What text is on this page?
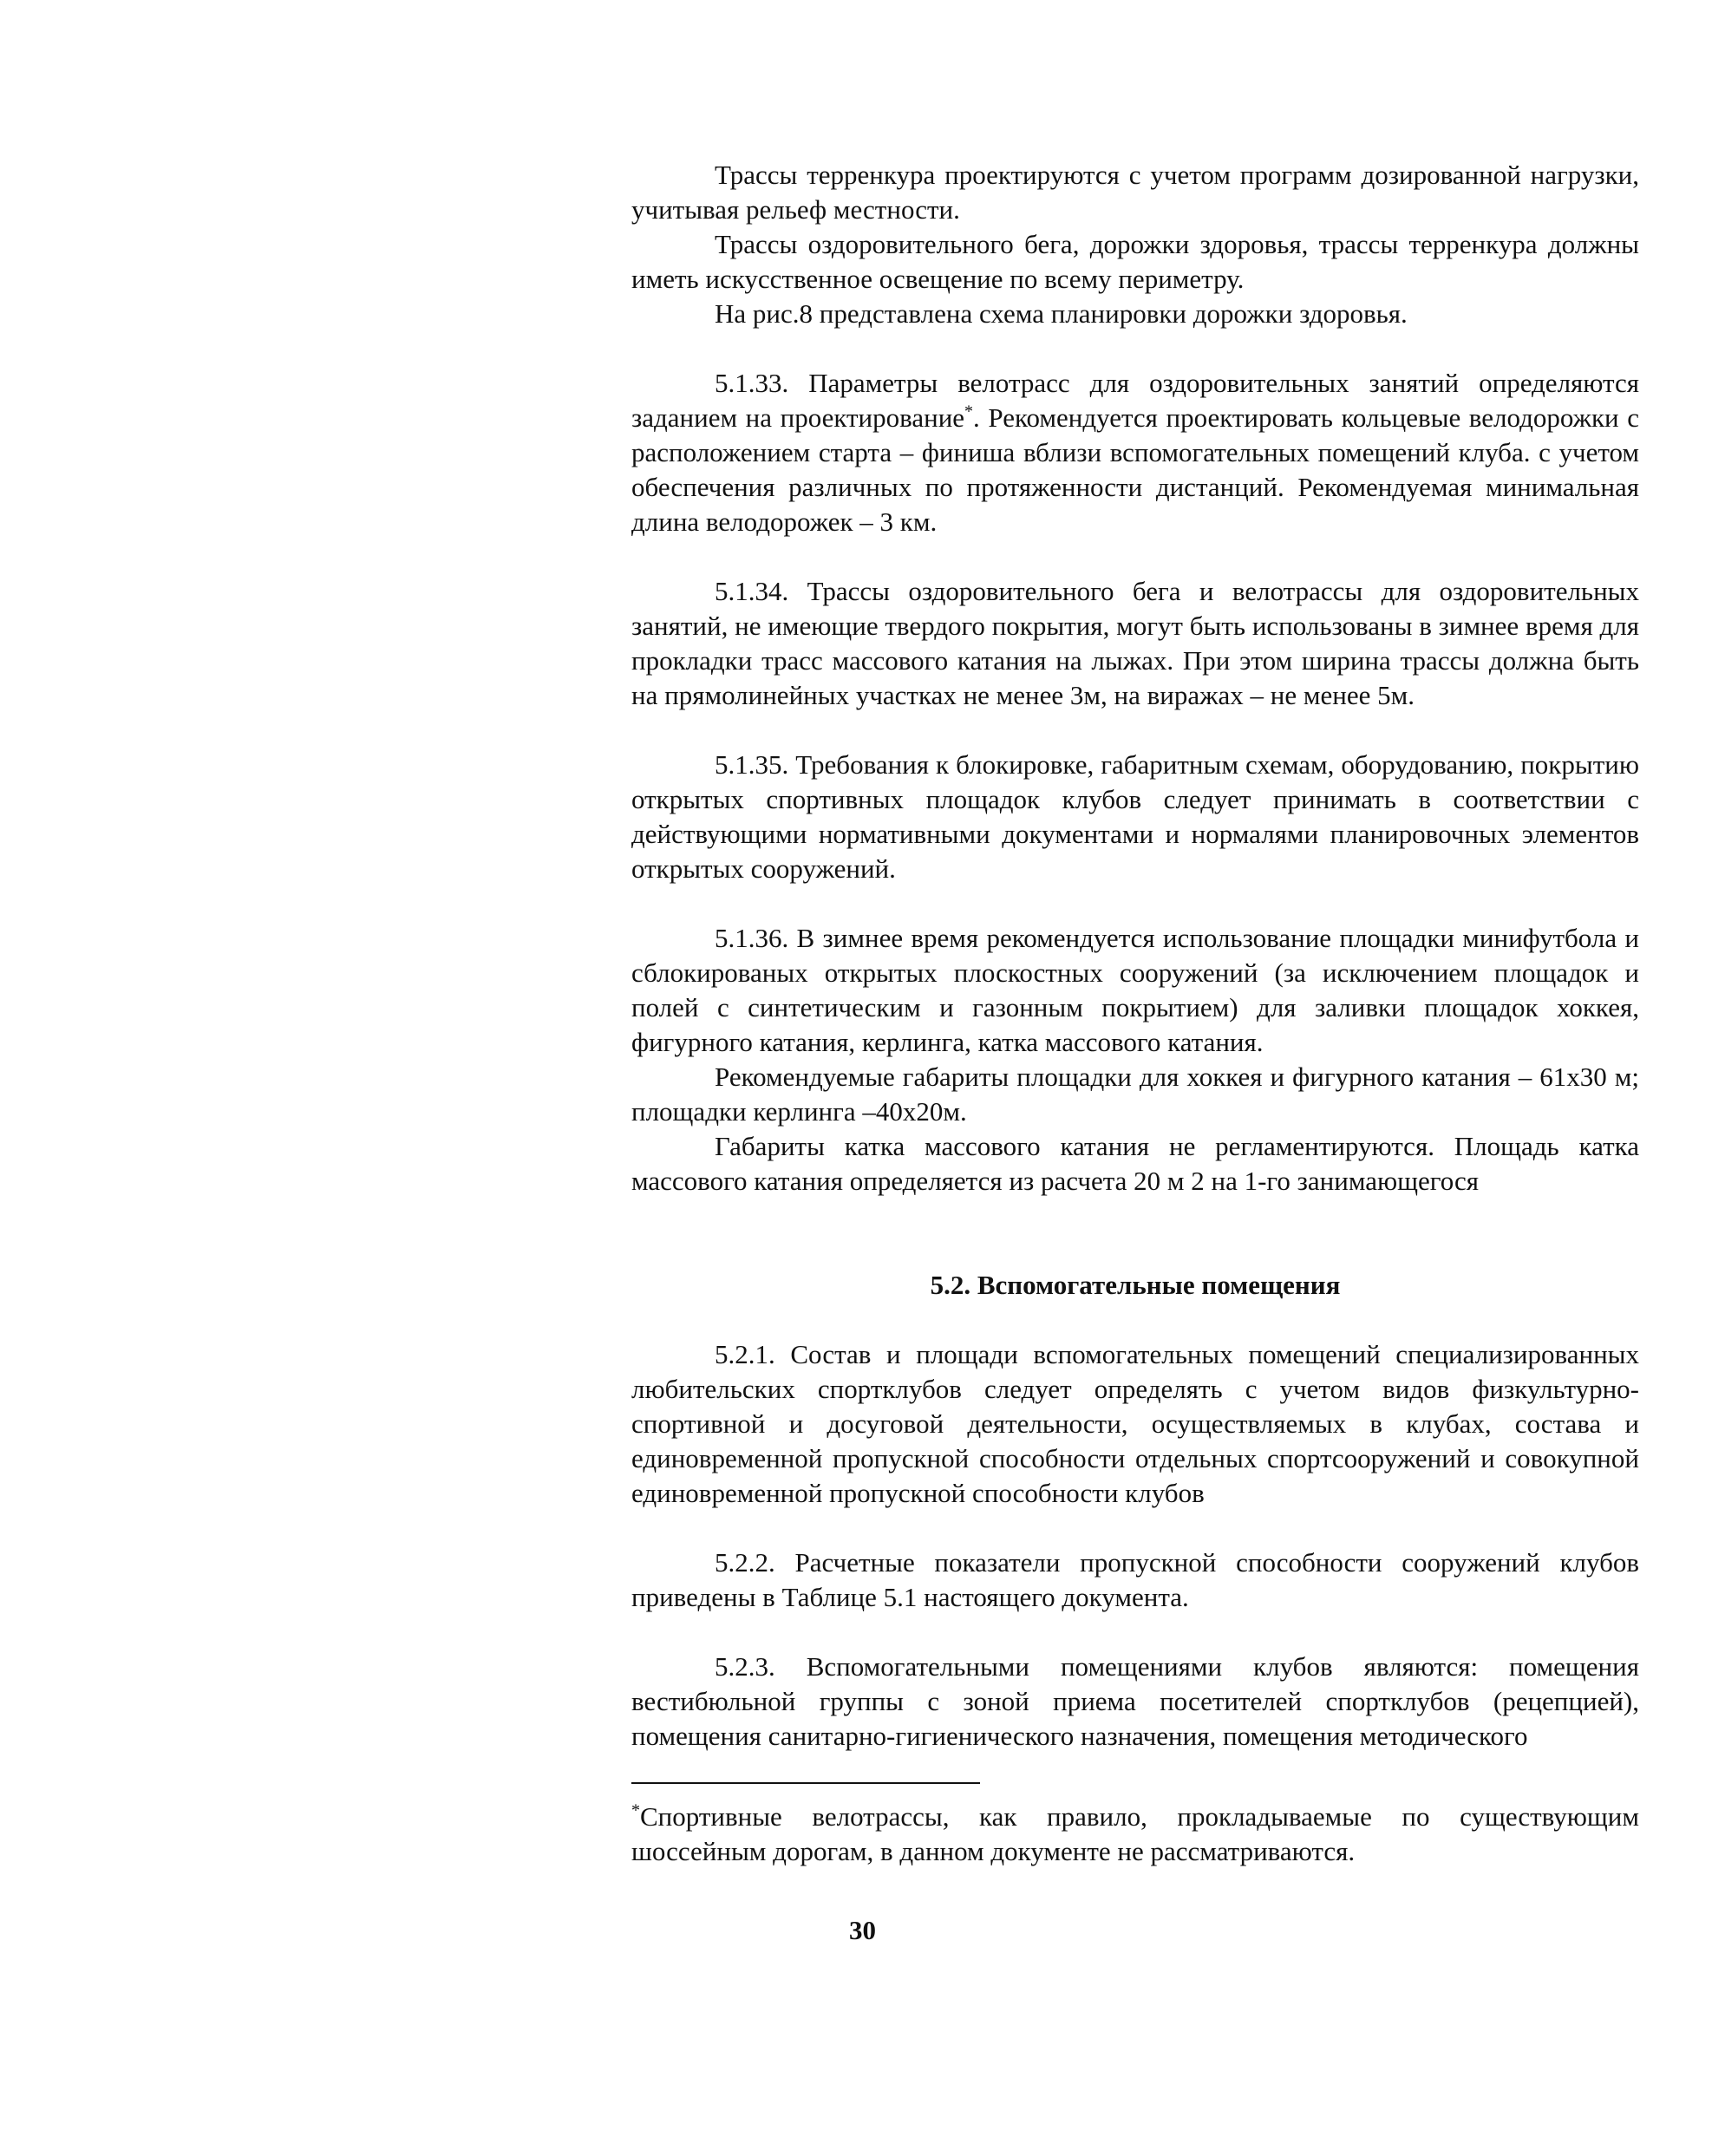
Трассы терренкура проектируются с учетом программ дозированной нагрузки, учитывая рельеф местности.

Трассы оздоровительного бега, дорожки здоровья, трассы терренкура должны иметь искусственное освещение по всему периметру.

На рис.8 представлена схема планировки дорожки здоровья.

5.1.33. Параметры велотрасс для оздоровительных занятий определяются заданием на проектирование*. Рекомендуется проектировать кольцевые велодорожки с расположением старта – финиша вблизи вспомогательных помещений клуба. с учетом обеспечения различных по протяженности дистанций. Рекомендуемая минимальная длина велодорожек – 3 км.

5.1.34. Трассы оздоровительного бега и велотрассы для оздоровительных занятий, не имеющие твердого покрытия, могут быть использованы в зимнее время для прокладки трасс массового катания на лыжах. При этом ширина трассы должна быть на прямолинейных участках не менее 3м, на виражах – не менее 5м.

5.1.35. Требования к блокировке, габаритным схемам, оборудованию, покрытию открытых спортивных площадок клубов следует принимать в соответствии с действующими нормативными документами и нормалями планировочных элементов открытых сооружений.

5.1.36. В зимнее время рекомендуется использование площадки минифутбола и сблокированых открытых плоскостных сооружений (за исключением площадок и полей с синтетическим и газонным покрытием) для заливки площадок хоккея, фигурного катания, керлинга, катка массового катания.

Рекомендуемые габариты площадки для хоккея и фигурного катания – 61x30 м; площадки керлинга –40x20м.

Габариты катка массового катания не регламентируются. Площадь катка массового катания определяется из расчета 20 м 2 на 1-го занимающегося

5.2. Вспомогательные помещения

5.2.1. Состав и площади вспомогательных помещений специализированных любительских спортклубов следует определять с учетом видов физкультурно-спортивной и досуговой деятельности, осуществляемых в клубах, состава и единовременной пропускной способности отдельных спортсооружений и совокупной единовременной пропускной способности клубов

5.2.2. Расчетные показатели пропускной способности сооружений клубов приведены в Таблице 5.1 настоящего документа.

5.2.3. Вспомогательными помещениями клубов являются: помещения вестибюльной группы с зоной приема посетителей спортклубов (рецепцией), помещения санитарно-гигиенического назначения, помещения методического

*Спортивные велотрассы, как правило, прокладываемые по существующим шоссейным дорогам, в данном документе не рассматриваются.

30
